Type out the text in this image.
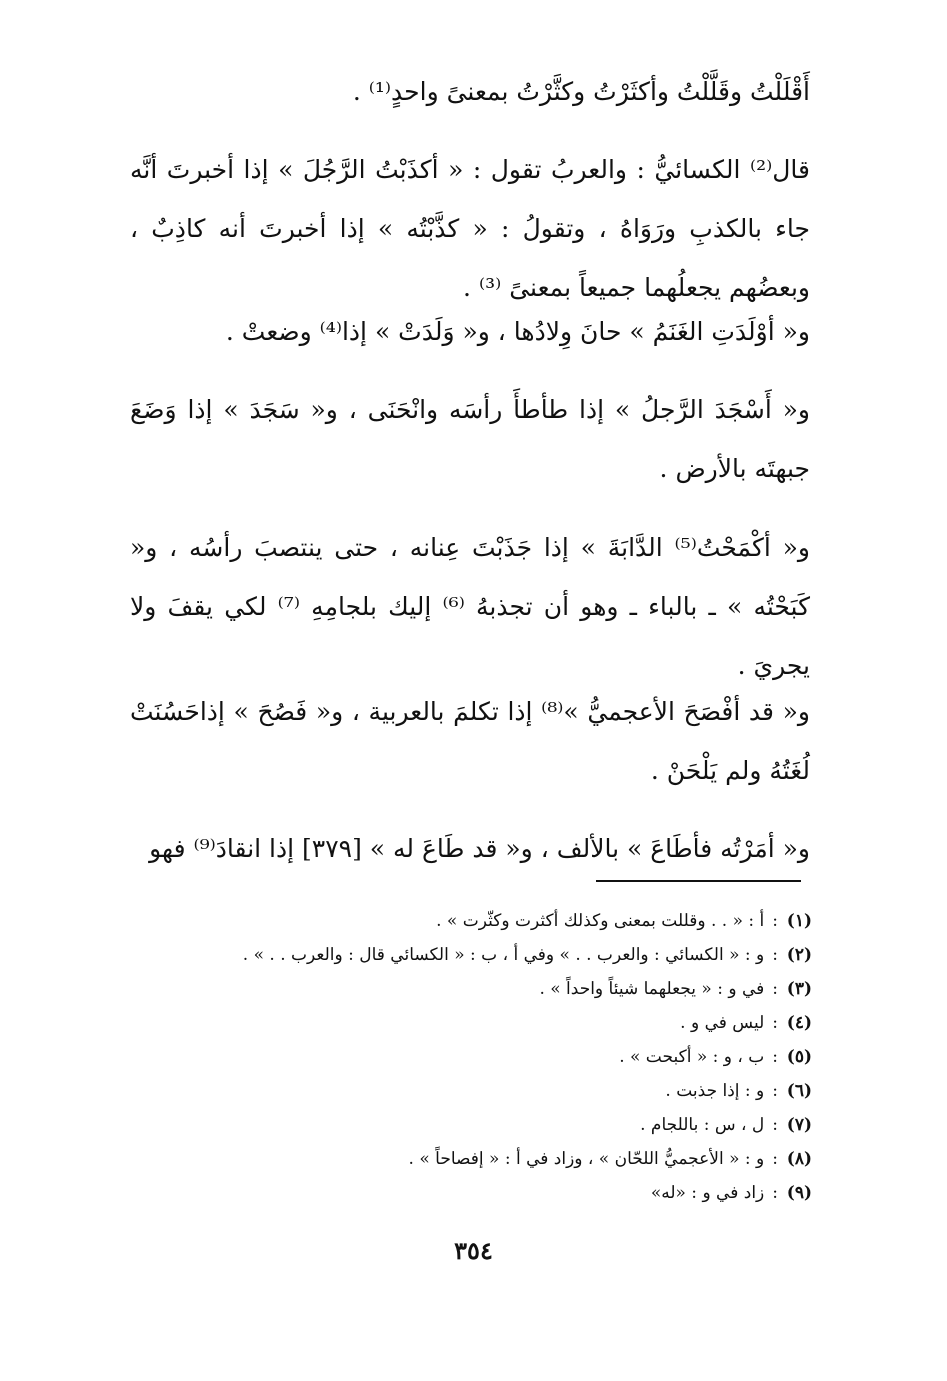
أَقْلَلْتُ وقَلَّلْتُ وأكثَرْتُ وكثَّرْتُ بمعنىً واحدٍ⁽¹⁾ .

قال⁽²⁾ الكسائيُّ : والعربُ تقول : « أكذَبْتُ الرَّجُلَ » إذا أخبرتَ أنَّه جاء بالكذبِ ورَوَاهُ ، وتقولُ : « كذَّبْتُه » إذا أخبرتَ أنه كاذِبٌ ، وبعضُهم يجعلُهما جميعاً بمعنىً ⁽³⁾ .

و« أوْلَدَتِ الغَنَمُ » حانَ وِلادُها ، و« وَلَدَتْ » إذا⁽⁴⁾ وضعتْ .

و« أَسْجَدَ الرَّجلُ » إذا طأطأَ رأسَه وانْحَنَى ، و« سَجَدَ » إذا وَضَعَ جبهتَه بالأرض .

و« أكْمَحْتُ⁽⁵⁾ الدَّابَةَ » إذا جَذَبْتَ عِنانه ، حتى ينتصبَ رأسُه ، و« كَبَحْتُه » ـ بالباء ـ وهو أن تجذبهُ ⁽⁶⁾ إليك بلجامِهِ ⁽⁷⁾ لكي يقفَ ولا يجريَ .

و« قد أفْصَحَ الأعجميُّ »⁽⁸⁾ إذا تكلمَ بالعربية ، و« فَصُحَ » إذاحَسُنَتْ لُغَتُهُ ولم يَلْحَنْ .

و« أمَرْتُه فأطَاعَ » بالألف ، و« قد طَاعَ له » [٣٧٩] إذا انقادَ⁽⁹⁾ فهو

(١):أ : « . . وقللت بمعنى وكذلك أكثرت وكثّرت » .
(٢):و : « الكسائي : والعرب . . » وفي أ ، ب : « الكسائي قال : والعرب . . » .
(٣):في و : « يجعلهما شيئاً واحداً » .
(٤):ليس في و .
(٥):ب ، و : « أكبحت » .
(٦):و : إذا جذبت .
(٧):ل ، س : باللجام .
(٨):و : « الأعجميُّ اللحّان » ، وزاد في أ : « إفصاحاً » .
(٩):زاد في و : «له»
٣٥٤
